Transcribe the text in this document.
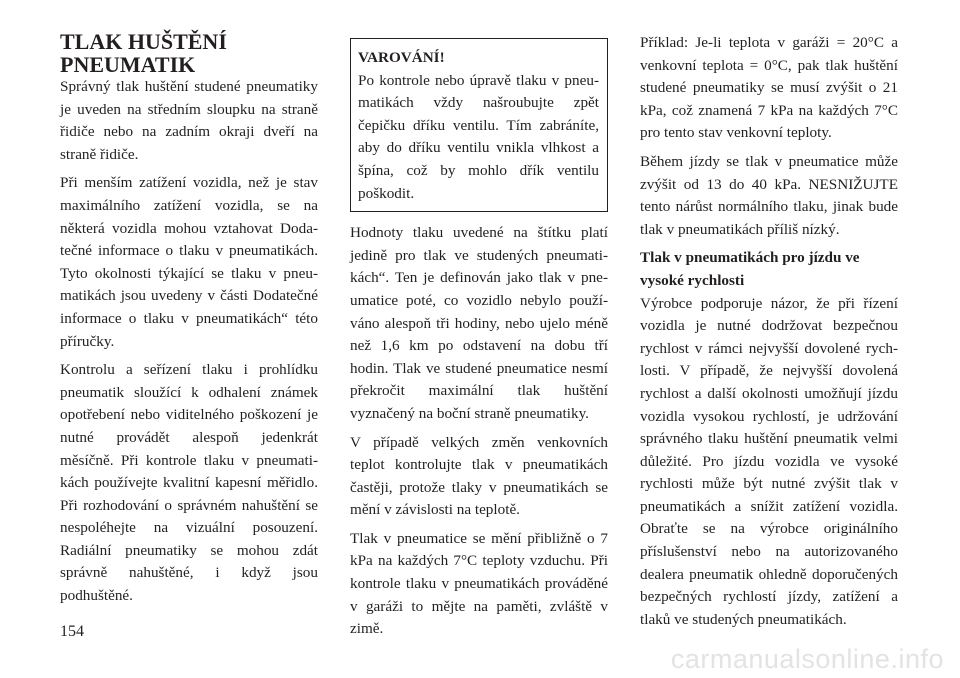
TLAK HUŠTĚNÍ
PNEUMATIK

Správný tlak huštění studené pneumatiky je uveden na středním sloupku na straně řidiče nebo na zadním okraji dveří na straně řidiče.

Při menším zatížení vozidla, než je stav maximálního zatížení vozidla, se na některá vozidla mohou vztahovat Dodatečné informace o tlaku v pneumatikách. Tyto okolnosti týkající se tlaku v pneumatikách jsou uvedeny v části Dodatečné informace o tlaku v pneumatikách“ této příručky.

Kontrolu a seřízení tlaku i prohlídku pneumatik sloužící k odhalení známek opotřebení nebo viditelného poškození je nutné provádět alespoň jedenkrát měsíčně. Při kontrole tlaku v pneumatikách používejte kvalitní kapesní měřidlo. Při rozhodování o správném nahuštění se nespoléhejte na vizuální posouzení. Radiální pneumatiky se mohou zdát správně nahuštěné, i když jsou podhuštěné.

VAROVÁNÍ!
Po kontrole nebo úpravě tlaku v pneumatikách vždy našroubujte zpět čepičku dříku ventilu. Tím zabráníte, aby do dříku ventilu vnikla vlhkost a špína, což by mohlo dřík ventilu poškodit.

Hodnoty tlaku uvedené na štítku platí jedině pro tlak ve studených pneumatikách“. Ten je definován jako tlak v pneumatice poté, co vozidlo nebylo používáno alespoň tři hodiny, nebo ujelo méně než 1,6 km po odstavení na dobu tří hodin. Tlak ve studené pneumatice nesmí překročit maximální tlak huštění vyznačený na boční straně pneumatiky.

V případě velkých změn venkovních teplot kontrolujte tlak v pneumatikách častěji, protože tlaky v pneumatikách se mění v závislosti na teplotě.

Tlak v pneumatice se mění přibližně o 7 kPa na každých 7°C teploty vzduchu. Při kontrole tlaku v pneumatikách prováděné v garáži to mějte na paměti, zvláště v zimě.

Příklad: Je-li teplota v garáži = 20°C a venkovní teplota = 0°C, pak tlak huštění studené pneumatiky se musí zvýšit o 21 kPa, což znamená 7 kPa na každých 7°C pro tento stav venkovní teploty.

Během jízdy se tlak v pneumatice může zvýšit od 13 do 40 kPa. NESNIŽUJTE tento nárůst normálního tlaku, jinak bude tlak v pneumatikách příliš nízký.

Tlak v pneumatikách pro jízdu ve
vysoké rychlosti

Výrobce podporuje názor, že při řízení vozidla je nutné dodržovat bezpečnou rychlost v rámci nejvyšší dovolené rychlosti. V případě, že nejvyšší dovolená rychlost a další okolnosti umožňují jízdu vozidla vysokou rychlostí, je udržování správného tlaku huštění pneumatik velmi důležité. Pro jízdu vozidla ve vysoké rychlosti může být nutné zvýšit tlak v pneumatikách a snížit zatížení vozidla. Obraťte se na výrobce originálního příslušenství nebo na autorizovaného dealera pneumatik ohledně doporučených bezpečných rychlostí jízdy, zatížení a tlaků ve studených pneumatikách.

154
carmanualsonline.info
